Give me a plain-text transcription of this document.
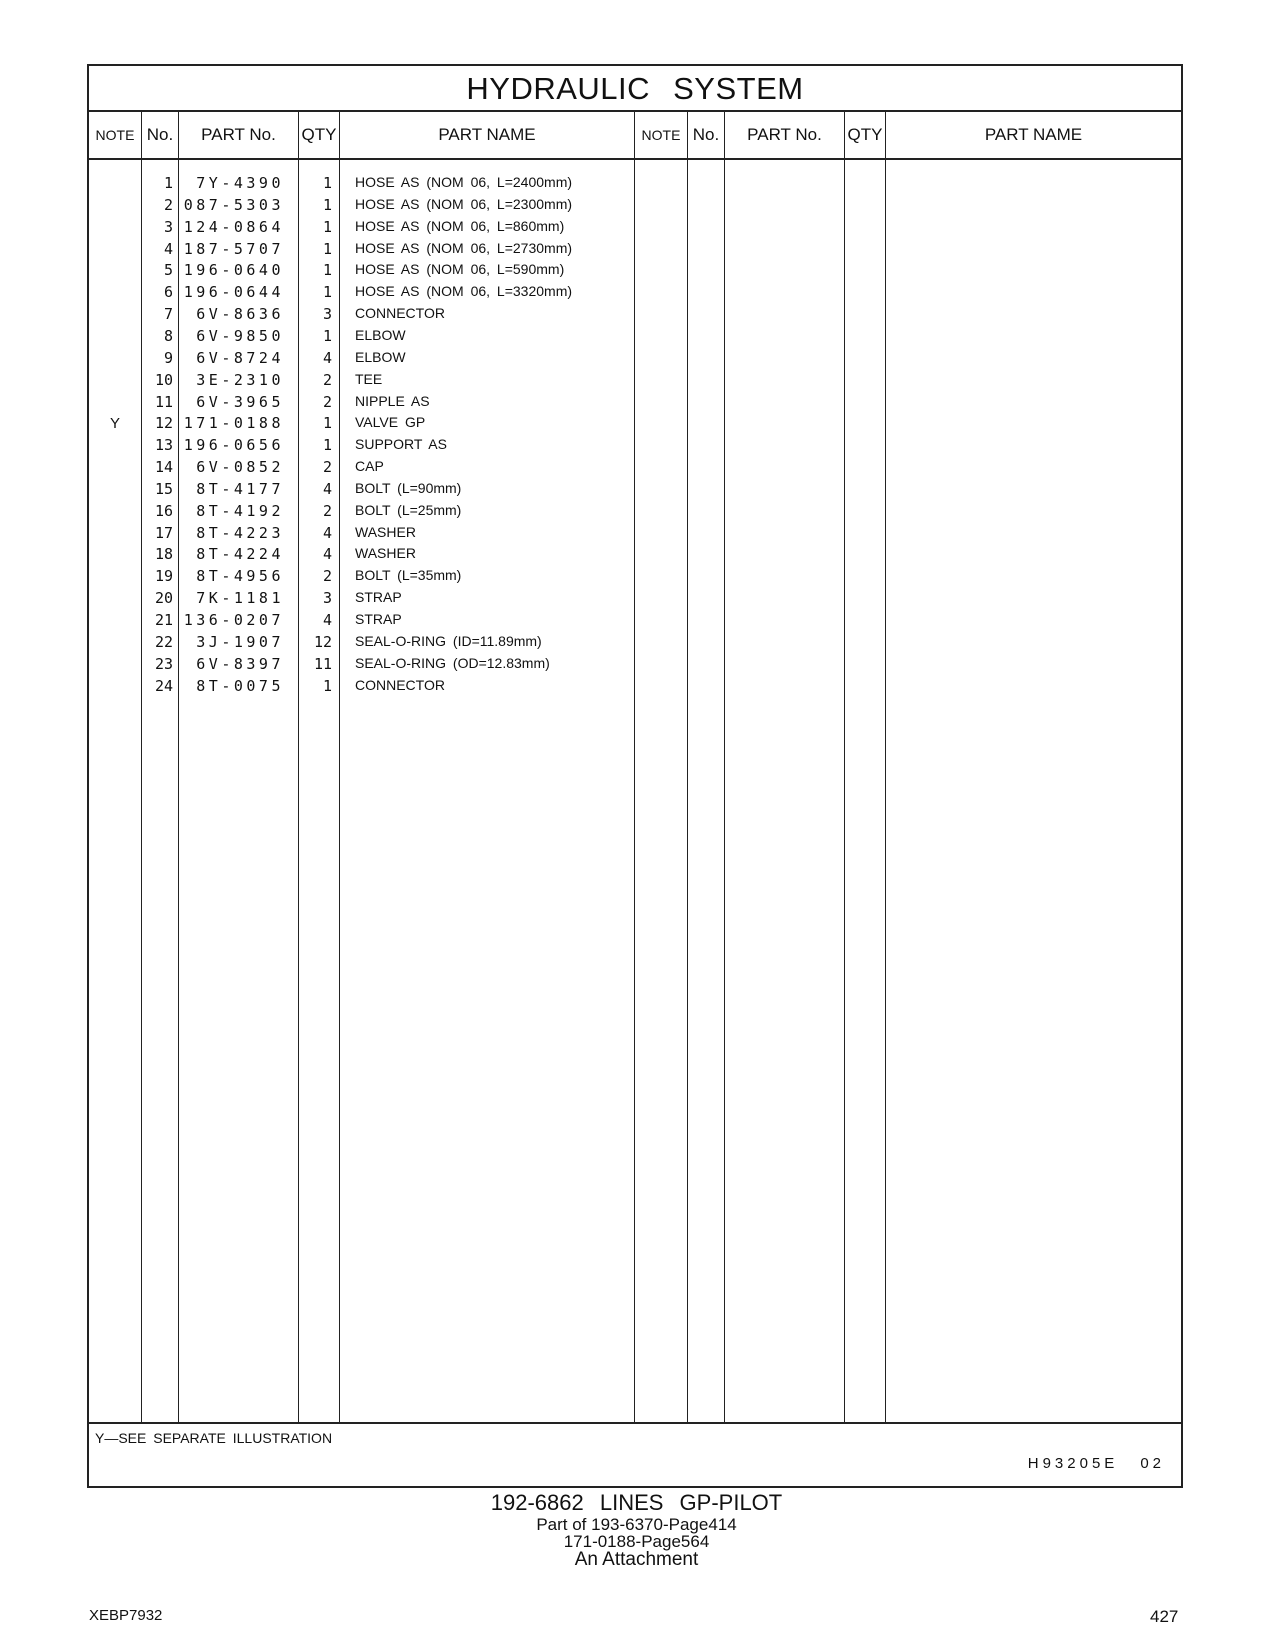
HYDRAULIC SYSTEM
NOTE No.	PART No.	QTY	PART NAME	NOTE No.	PART No.	QTY	PART NAME
1	7Y-4390	1 HOSE AS (NOM 06, L=2400mm)
2 087-5303	1 HOSE AS (NOM 06, L=2300mm)
3 124-0864	1 HOSE AS (NOM 06, L=860mm)
4 187-5707	1 HOSE AS (NOM 06, L=2730mm)
5 196-0640	1 HOSE AS (NOM 06, L=590mm)
6 196-0644	1 HOSE AS (NOM 06, L=3320mm)
7	6V-8636	3 CONNECTOR
8	6V-9850	1 ELBOW
9	6V-8724	4 ELBOW
10	3E-2310	2 TEE
11	6V-3965	2 NIPPLE AS
Y	12 171-0188	1 VALVE GP
13 196-0656	1 SUPPORT AS
14	6V-0852	2 CAP
15	8T-4177	4 BOLT (L=90mm)
16	8T-4192	2 BOLT (L=25mm)
17	8T-4223	4 WASHER
18	8T-4224	4 WASHER
19	8T-4956	2 BOLT (L=35mm)
20	7K-1181	3 STRAP
21 136-0207	4 STRAP
22	3J-1907	12 SEAL-O-RING (ID=11.89mm)
23	6V-8397	11 SEAL-O-RING (OD=12.83mm)
24	8T-0075	1 CONNECTOR
Y—SEE SEPARATE ILLUSTRATION
H93205E 02
192-6862 LINES GP-PILOT
Part of 193-6370-Page414
171-0188-Page564
An Attachment
XEBP7932	427
